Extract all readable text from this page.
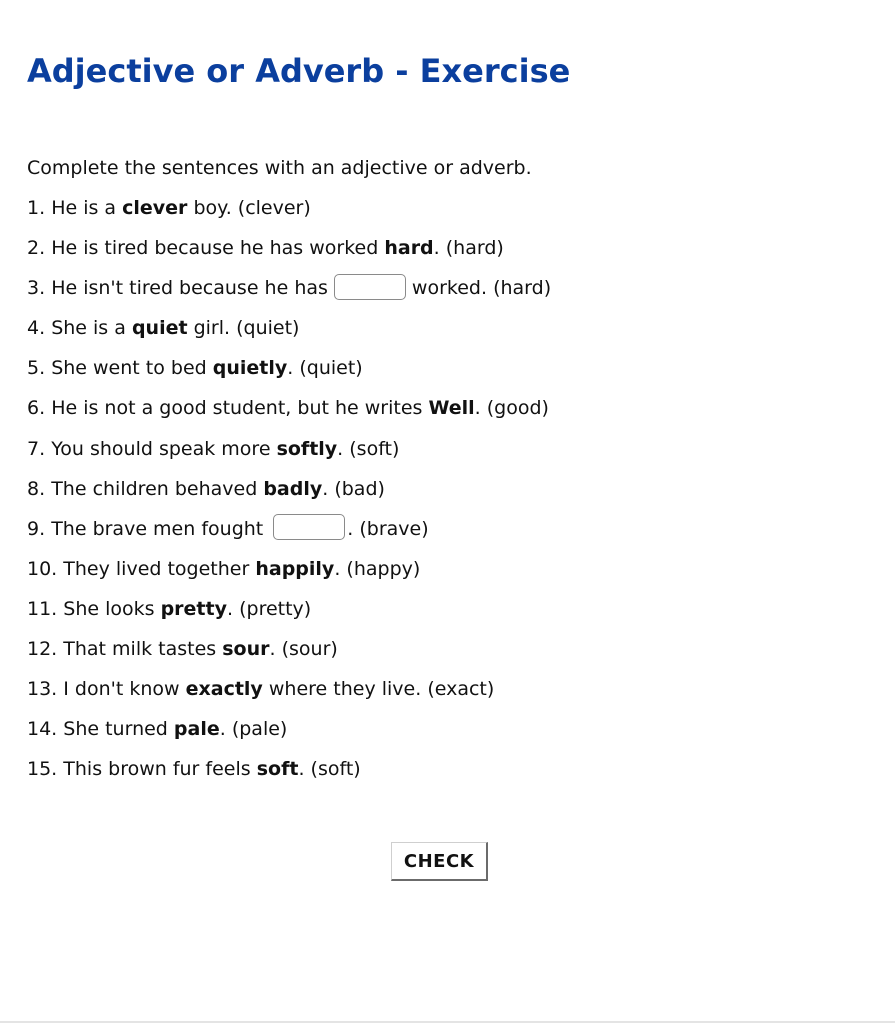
Adjective or Adverb - Exercise

Complete the sentences with an adjective or adverb.

1. He is a clever boy. (clever)
2. He is tired because he has worked hard. (hard)
3. He isn't tired because he has	worked. (hard)
4. She is a quiet girl. (quiet)
5. She went to bed quietly. (quiet)
6. He is not a good student, but he writes Well. (good)
7. You should speak more softly. (soft)
8. The children behaved badly. (bad)
9. The brave men fought	. (brave)
10. They lived together happily. (happy)
11. She looks pretty. (pretty)
12. That milk tastes sour. (sour)
13. I don't know exactly where they live. (exact)
14. She turned pale. (pale)
15. This brown fur feels soft. (soft)
CHECK
